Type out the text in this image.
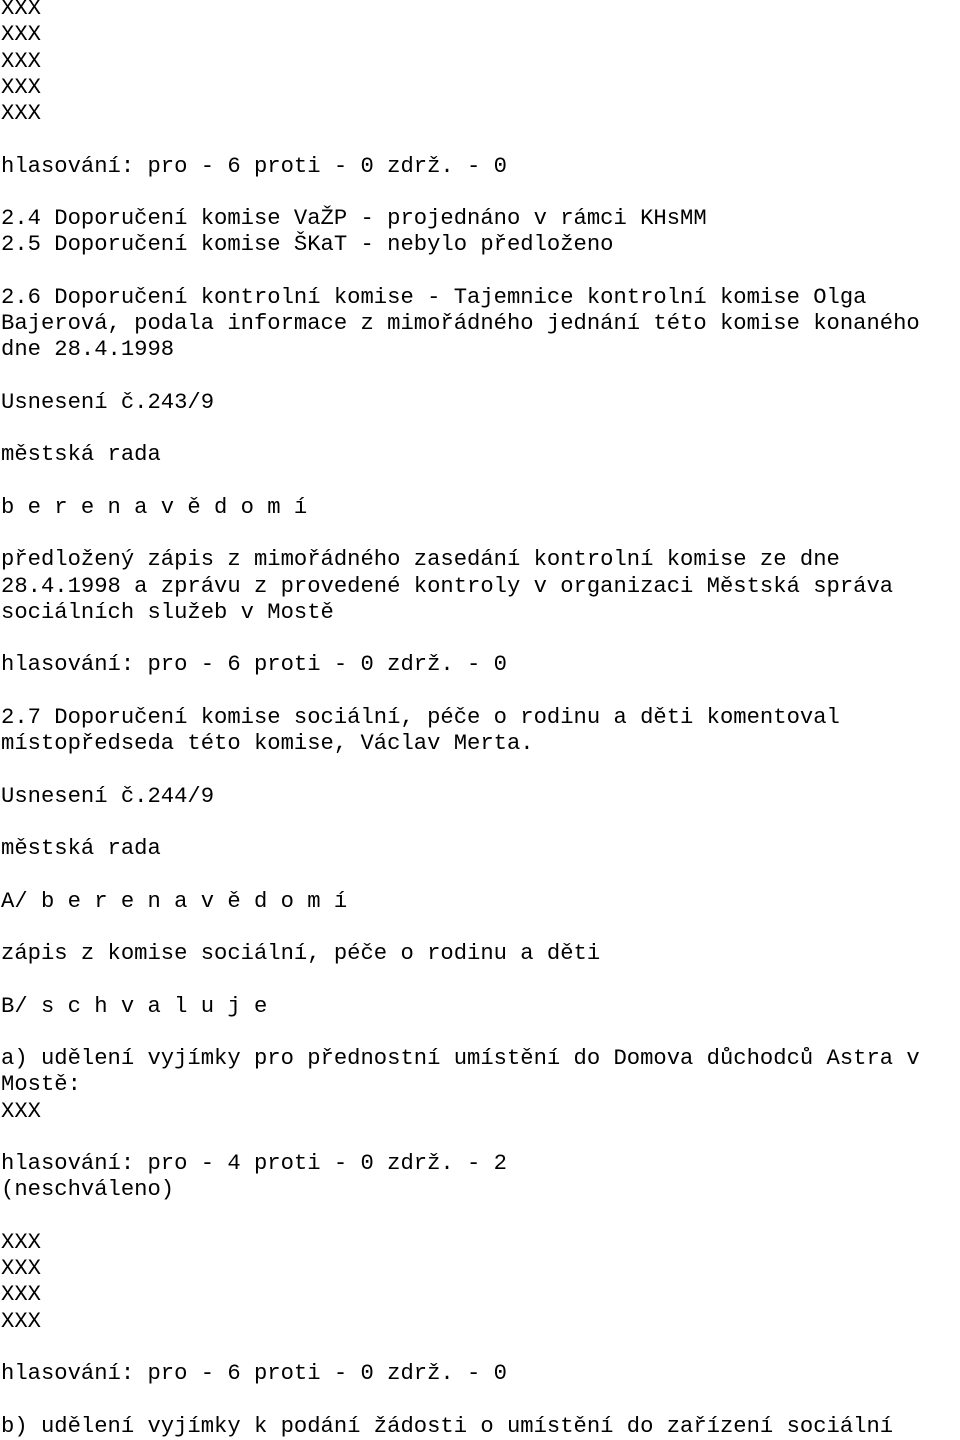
XXX
XXX
XXX
XXX
XXX
hlasování: pro - 6 proti - 0 zdrž. - 0
2.4 Doporučení komise VaŽP - projednáno v rámci KHsMM
2.5 Doporučení komise ŠKaT - nebylo předloženo
2.6 Doporučení kontrolní komise - Tajemnice kontrolní komise Olga
Bajerová, podala informace z mimořádného jednání této komise konaného
dne 28.4.1998
Usnesení č.243/9
městská rada
b e r e n a v ě d o m í
předložený zápis z mimořádného zasedání kontrolní komise ze dne
28.4.1998 a zprávu z provedené kontroly v organizaci Městská správa
sociálních služeb v Mostě
hlasování: pro - 6 proti - 0 zdrž. - 0
2.7 Doporučení komise sociální, péče o rodinu a děti komentoval
místopředseda této komise, Václav Merta.
Usnesení č.244/9
městská rada
A/ b e r e n a v ě d o m í
zápis z komise sociální, péče o rodinu a děti
B/ s c h v a l u j e
a) udělení vyjímky pro přednostní umístění do Domova důchodců Astra v
Mostě:
XXX
hlasování: pro - 4 proti - 0 zdrž. - 2
(neschváleno)
XXX
XXX
XXX
XXX
hlasování: pro - 6 proti - 0 zdrž. - 0
b) udělení vyjímky k podání žádosti o umístění do zařízení sociální
